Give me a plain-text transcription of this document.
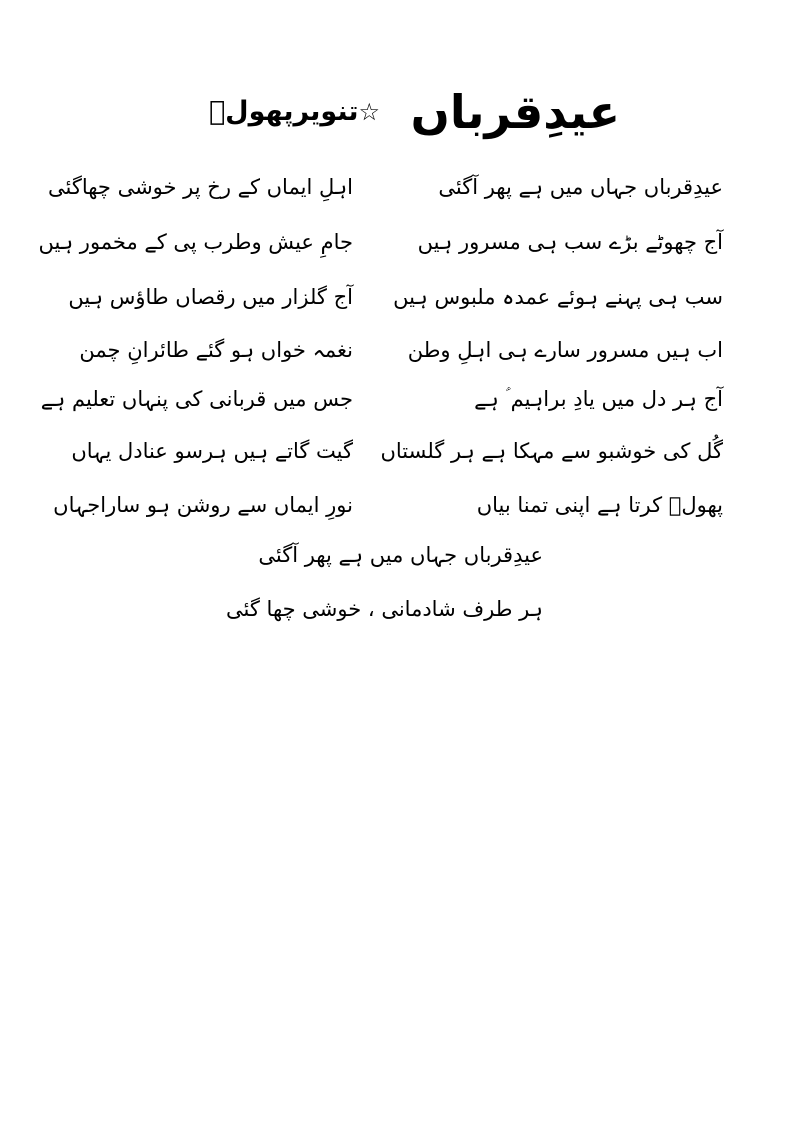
عیدِقرباں
☆تنویرپھولؔ
عیدِقرباں جہاں میں ہے پھر آگئی
اہلِ ایماں کے رخ پر خوشی چھاگئی
آج چھوٹے بڑے سب ہی مسرور ہیں
جامِ عیش وطرب پی کے مخمور ہیں
سب ہی پہنے ہوئے عمدہ ملبوس ہیں
آج گلزار میں رقصاں طاؤس ہیں
اب ہیں مسرور سارے ہی اہلِ وطن
نغمہ خواں ہو گئے طائرانِ چمن
آج ہر دل میں یادِ براہیم ؑ ہے
جس میں قربانی کی پنہاں تعلیم ہے
گُل کی خوشبو سے مہکا ہے ہر گلستاں
گیت گاتے ہیں ہرسو عنادل یہاں
پھولؔ کرتا ہے اپنی تمنا بیاں
نورِ ایماں سے روشن ہو ساراجہاں
عیدِقرباں جہاں میں ہے پھر آگئی
ہر طرف شادمانی ، خوشی چھا گئی
